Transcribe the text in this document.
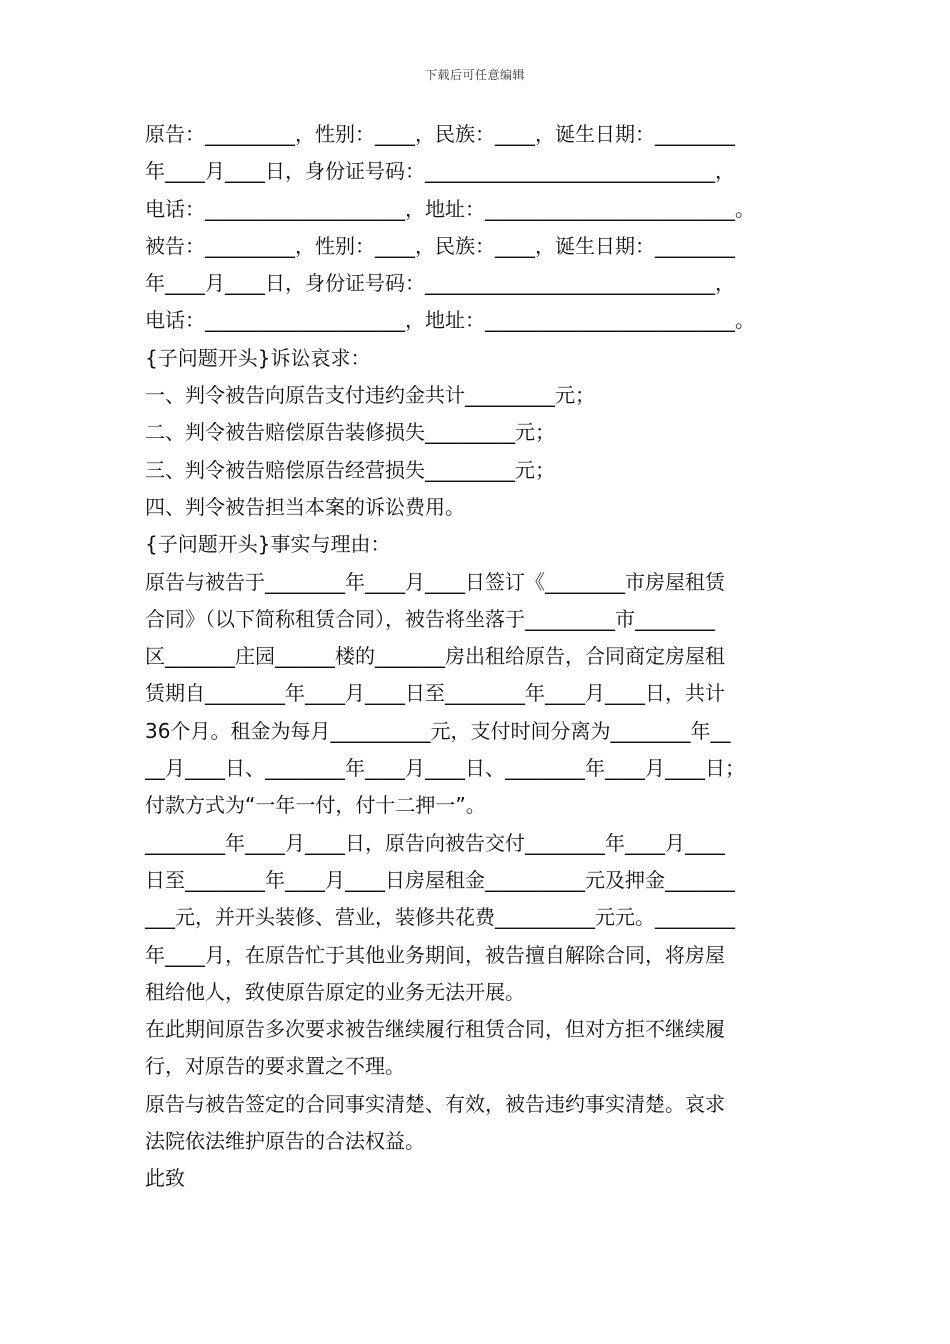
下载后可任意编辑
原告：_________，性别：____，民族：____，诞生日期：________
年____月____日，身份证号码：_____________________________，
电话：____________________，地址：_________________________。
被告：_________，性别：____，民族：____，诞生日期：________
年____月____日，身份证号码：_____________________________，
电话：____________________，地址：_________________________。
{子问题开头}诉讼哀求：
一、判令被告向原告支付违约金共计_________元；
二、判令被告赔偿原告装修损失_________元；
三、判令被告赔偿原告经营损失_________元；
四、判令被告担当本案的诉讼费用。
{子问题开头}事实与理由：
原告与被告于________年____月____日签订《________市房屋租赁
合同》（以下简称租赁合同），被告将坐落于_________市________
区_______庄园______楼的_______房出租给原告，合同商定房屋租
赁期自________年____月____日至________年____月____日，共计
36个月。租金为每月__________元，支付时间分离为________年__
__月____日、________年____月____日、________年____月____日；
付款方式为“一年一付，付十二押一”。
________年____月____日，原告向被告交付________年____月____
日至________年____月____日房屋租金__________元及押金_______
___元，并开头装修、营业，装修共花费__________元元。________
年____月，在原告忙于其他业务期间，被告擅自解除合同，将房屋
租给他人，致使原告原定的业务无法开展。
在此期间原告多次要求被告继续履行租赁合同，但对方拒不继续履
行，对原告的要求置之不理。
原告与被告签定的合同事实清楚、有效，被告违约事实清楚。哀求
法院依法维护原告的合法权益。
此致
